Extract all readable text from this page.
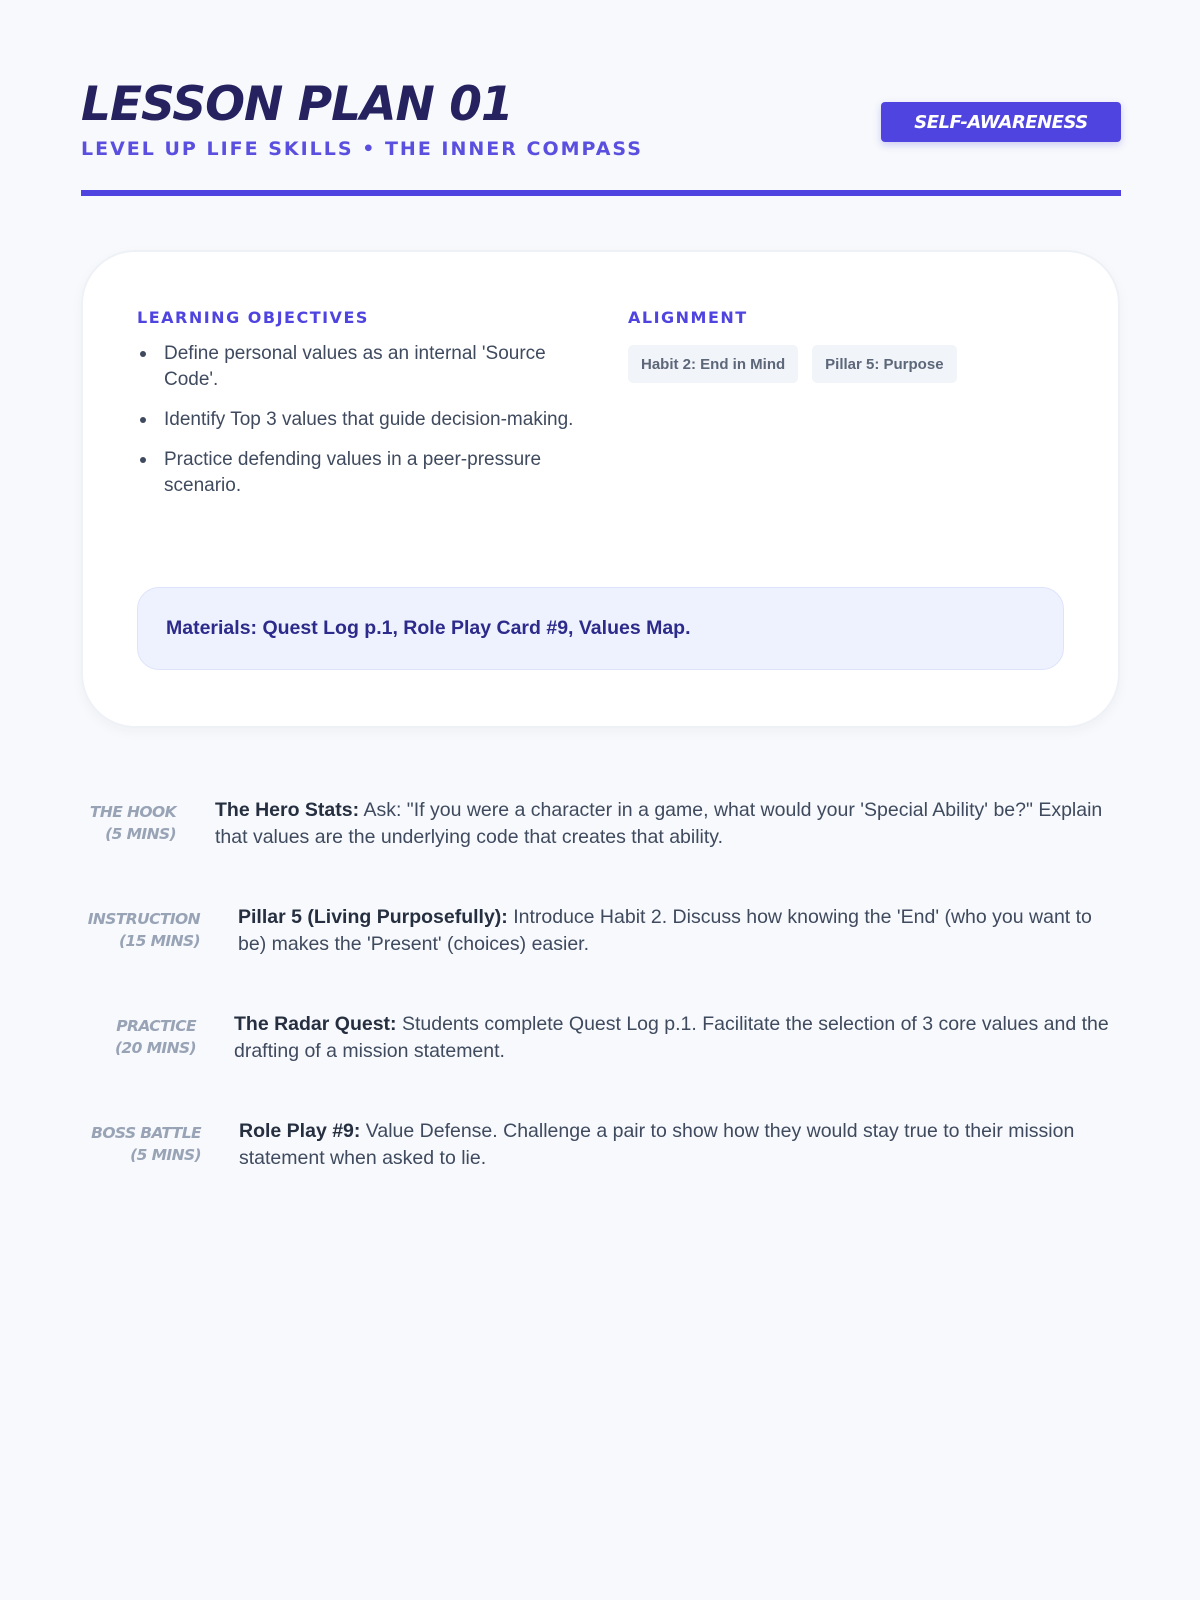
LESSON PLAN 01
LEVEL UP LIFE SKILLS • THE INNER COMPASS
SELF-AWARENESS
LEARNING OBJECTIVES
Define personal values as an internal 'Source Code'.
Identify Top 3 values that guide decision-making.
Practice defending values in a peer-pressure scenario.
ALIGNMENT
Habit 2: End in Mind	Pillar 5: Purpose
Materials: Quest Log p.1, Role Play Card #9, Values Map.
THE HOOK
(5 MINS)
The Hero Stats: Ask: "If you were a character in a game, what would your 'Special Ability' be?" Explain that values are the underlying code that creates that ability.
INSTRUCTION
(15 MINS)
Pillar 5 (Living Purposefully): Introduce Habit 2. Discuss how knowing the 'End' (who you want to be) makes the 'Present' (choices) easier.
PRACTICE
(20 MINS)
The Radar Quest: Students complete Quest Log p.1. Facilitate the selection of 3 core values and the drafting of a mission statement.
BOSS BATTLE
(5 MINS)
Role Play #9: Value Defense. Challenge a pair to show how they would stay true to their mission statement when asked to lie.
